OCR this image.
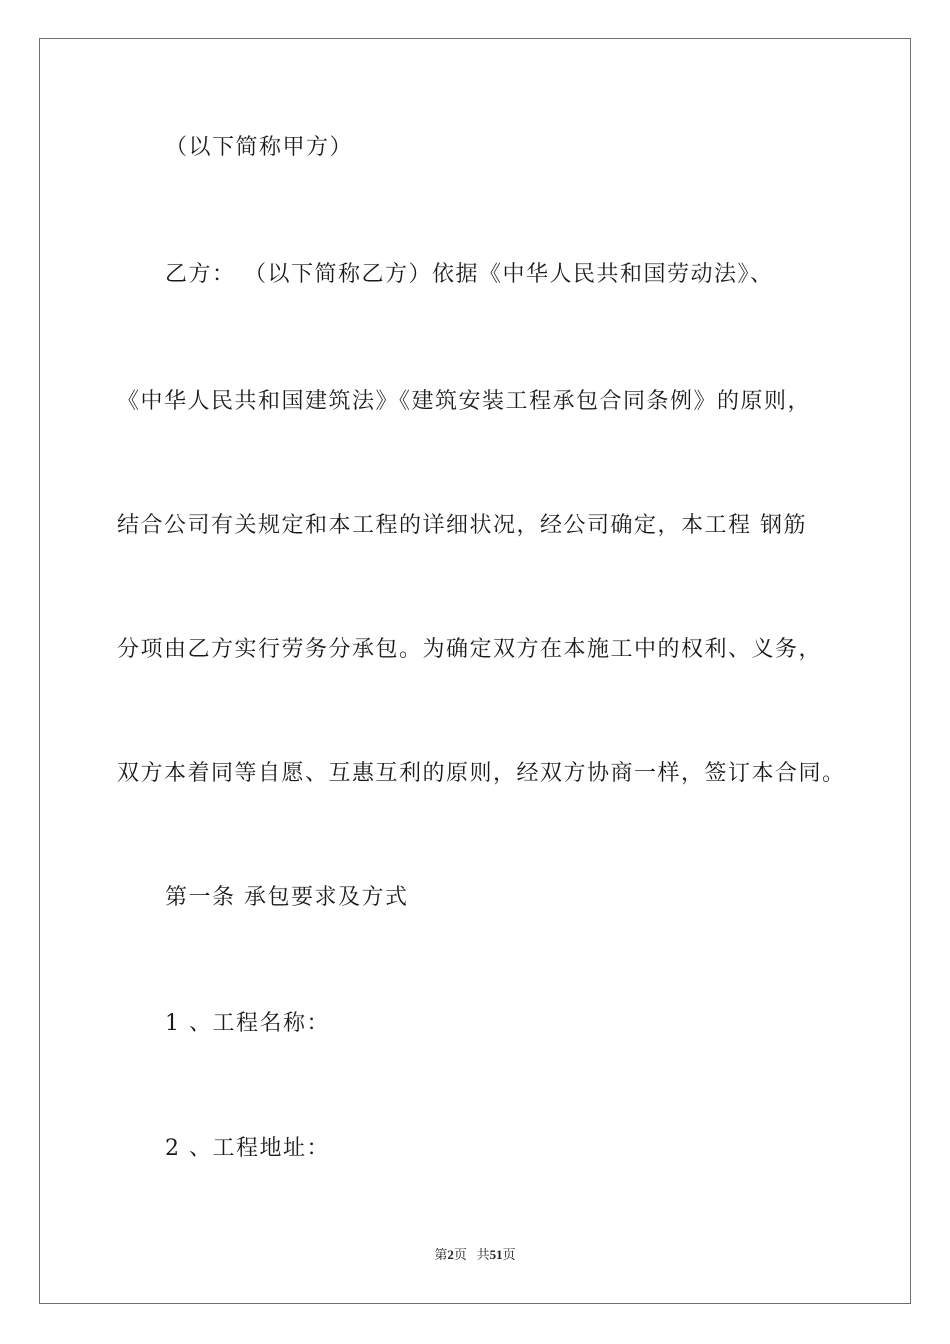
（以下简称甲方）
乙方： （以下简称乙方）依据《中华人民共和国劳动法》、
《中华人民共和国建筑法》《建筑安装工程承包合同条例》的原则，
结合公司有关规定和本工程的详细状况，经公司确定，本工程 钢筋
分项由乙方实行劳务分承包。为确定双方在本施工中的权利、义务，
双方本着同等自愿、互惠互利的原则，经双方协商一样，签订本合同。
第一条 承包要求及方式
1 、工程名称：
2 、工程地址：
第2页 共51页
